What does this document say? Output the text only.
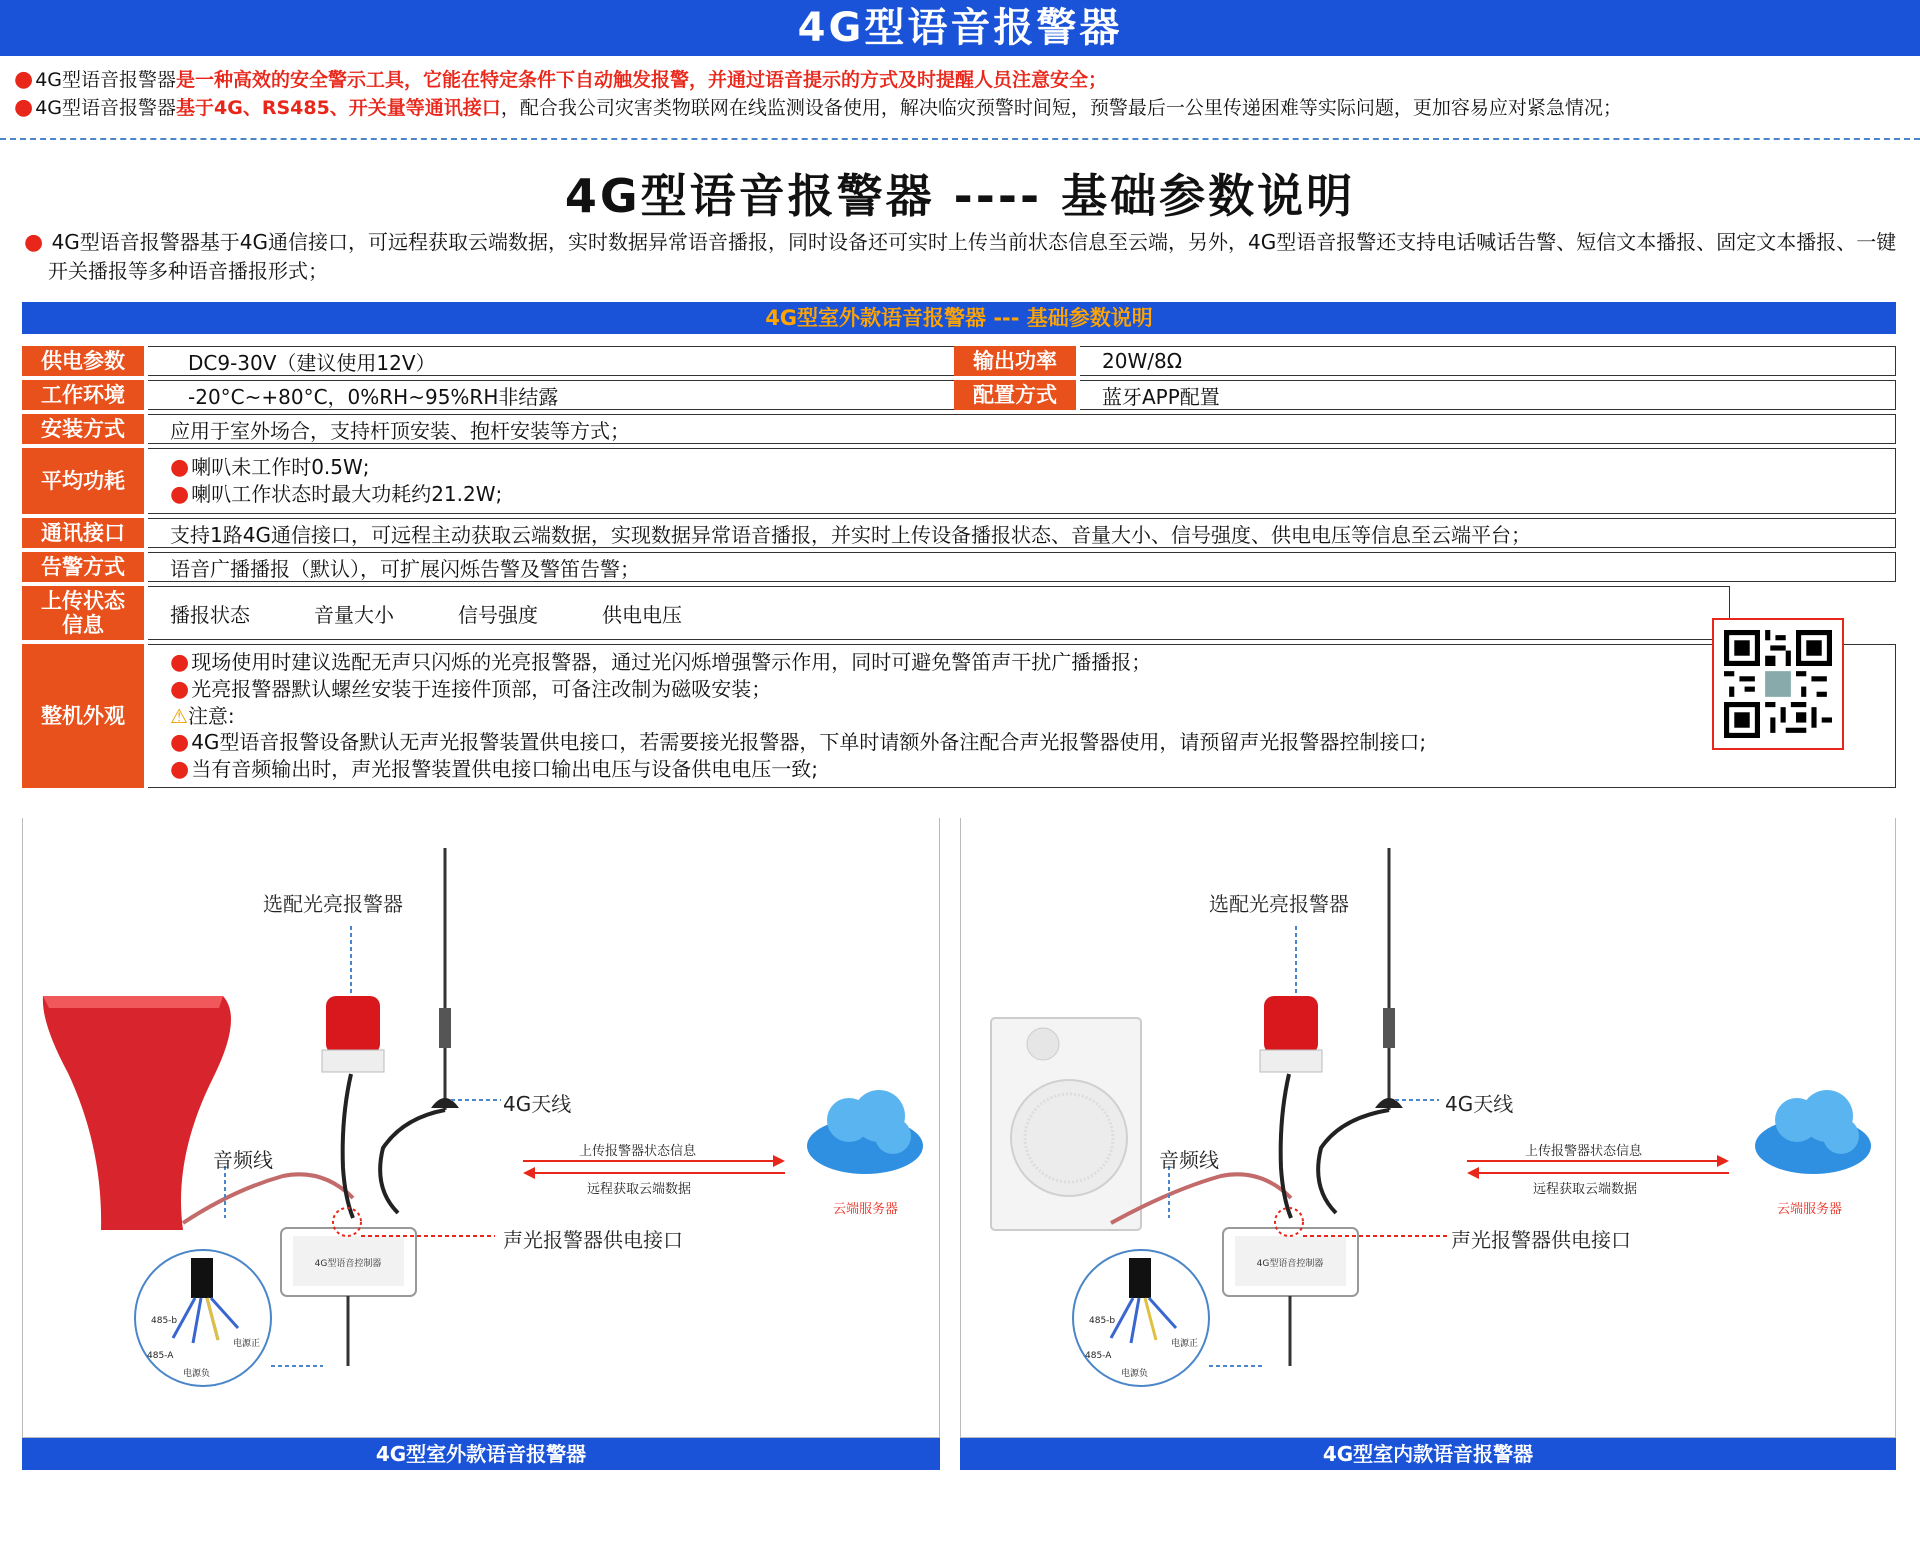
4G型语音报警器
● 4G型语音报警器是一种高效的安全警示工具，它能在特定条件下自动触发报警，并通过语音提示的方式及时提醒人员注意安全；
● 4G型语音报警器基于4G、RS485、开关量等通讯接口，配合我公司灾害类物联网在线监测设备使用，解决临灾预警时间短，预警最后一公里传递困难等实际问题，更加容易应对紧急情况；
4G型语音报警器 ---- 基础参数说明
● 4G型语音报警器基于4G通信接口，可远程获取云端数据，实时数据异常语音播报，同时设备还可实时上传当前状态信息至云端，另外，4G型语音报警还支持电话喊话告警、短信文本播报、固定文本播报、一键开关播报等多种语音播报形式；
4G型室外款语音报警器 --- 基础参数说明
供电参数	DC9-30V（建议使用12V）	输出功率	20W/8Ω
工作环境	-20°C~+80°C，0%RH~95%RH非结露	配置方式	蓝牙APP配置
安装方式	应用于室外场合，支持杆顶安装、抱杆安装等方式；
平均功耗
● 喇叭未工作时0.5W;
● 喇叭工作状态时最大功耗约21.2W;
通讯接口	支持1路4G通信接口，可远程主动获取云端数据，实现数据异常语音播报，并实时上传设备播报状态、音量大小、信号强度、供电电压等信息至云端平台；
告警方式	语音广播播报（默认），可扩展闪烁告警及警笛告警；
上传状态信息	播报状态	音量大小	信号强度	供电电压
整机外观
● 现场使用时建议选配无声只闪烁的光亮报警器，通过光闪烁增强警示作用，同时可避免警笛声干扰广播播报；
● 光亮报警器默认螺丝安装于连接件顶部，可备注改制为磁吸安装；
⚠注意:
● 4G型语音报警设备默认无声光报警装置供电接口，若需要接光报警器，下单时请额外备注配合声光报警器使用，请预留声光报警器控制接口;
● 当有音频输出时，声光报警装置供电接口输出电压与设备供电电压一致;
4G型语音控制器
485-b
485-A
电源正
电源负
选配光亮报警器
4G天线
音频线
声光报警器供电接口
上传报警器状态信息
远程获取云端数据
云端服务器
4G型室外款语音报警器
4G型语音控制器
485-b
485-A
电源正
电源负
选配光亮报警器
4G天线
音频线
声光报警器供电接口
上传报警器状态信息
远程获取云端数据
云端服务器
4G型室内款语音报警器
